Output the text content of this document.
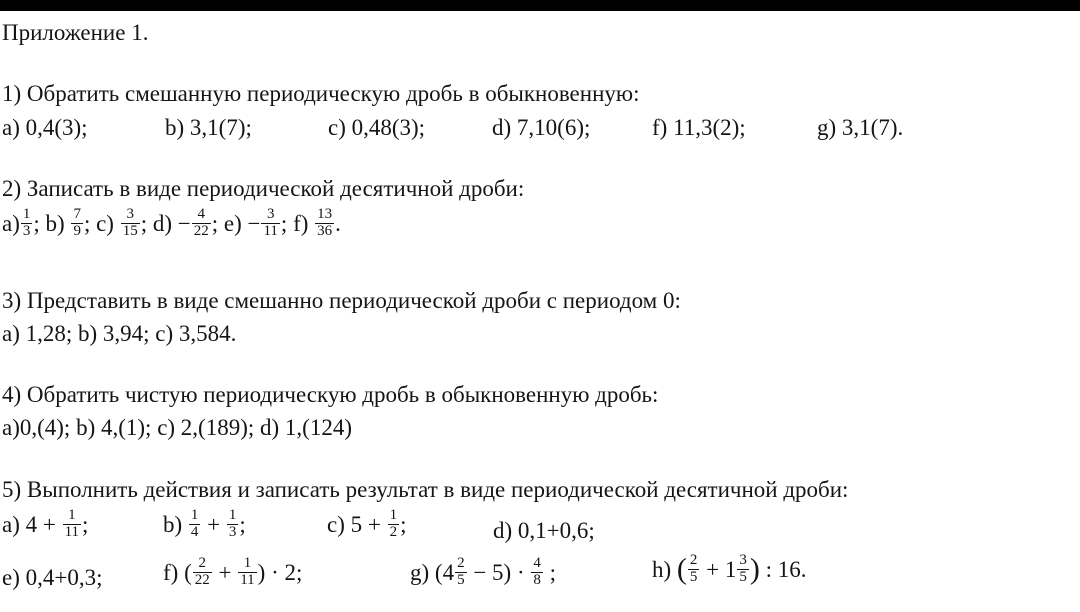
Приложение 1.
1) Обратить смешанную периодическую дробь в обыкновенную:
a) 0,4(3);	b) 3,1(7);	c) 0,48(3);	d) 7,10(6);	f) 11,3(2);	g) 3,1(7).
2) Записать в виде периодической десятичной дроби:
$a) \frac{1}{3}$ ; $b) \frac{7}{9}$ ; $c) \frac{3}{15}$ ; $d) - \frac{4}{22}$ ; $e) - \frac{3}{11}$ ; $f) \frac{13}{36}$ .
3) Представить в виде смешанно периодической дроби с периодом 0:
a) 1,28; b) 3,94; c) 3,584.
4) Обратить чистую периодическую дробь в обыкновенную дробь:
a)0,(4); b) 4,(1); c) 2,(189); d) 1,(124)
5) Выполнить действия и записать результат в виде периодической десятичной дроби:
a) $4 + \frac{1}{11}$ ;	$b) \frac{1}{4} + \frac{1}{3}$ ;	c) $5 + \frac{1}{2}$ ;	d) 0,1+0,6;
e) 0,4+0,3;	f) ( $\frac{2}{22} + \frac{1}{11}$ ) · 2;	g) $(4 \frac{2}{5} - 5) \cdot \frac{4}{8}$ ;	h) ( $\frac{2}{5} + 1 \frac{3}{5}$ ) : 16.
